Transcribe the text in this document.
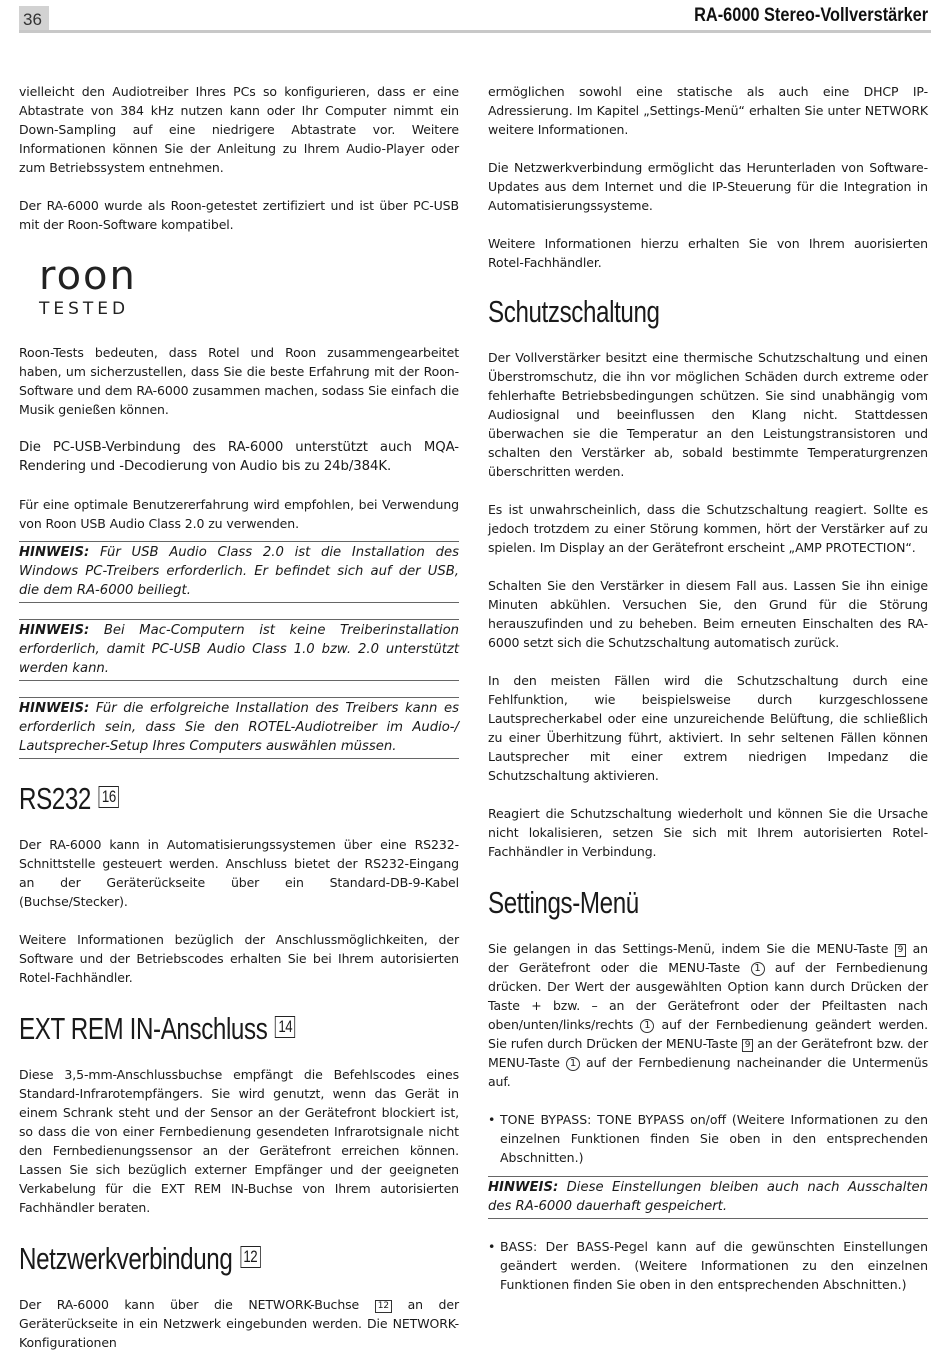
36	RA-6000 Stereo-Vollverstärker

vielleicht den Audiotreiber Ihres PCs so konfigurieren, dass er eine Abtastrate von 384 kHz nutzen kann oder Ihr Computer nimmt ein Down-Sampling auf eine niedrigere Abtastrate vor. Weitere Informationen können Sie der Anleitung zu Ihrem Audio-Player oder zum Betriebssystem entnehmen.

Der RA-6000 wurde als Roon-getestet zertifiziert und ist über PC-USB mit der Roon-Software kompatibel.

roon
TESTED

Roon-Tests bedeuten, dass Rotel und Roon zusammengearbeitet haben, um sicherzustellen, dass Sie die beste Erfahrung mit der Roon-Software und dem RA-6000 zusammen machen, sodass Sie einfach die Musik genießen können.

Die PC-USB-Verbindung des RA-6000 unterstützt auch MQA-Rendering und -Decodierung von Audio bis zu 24b/384K.

Für eine optimale Benutzererfahrung wird empfohlen, bei Verwendung von Roon USB Audio Class 2.0 zu verwenden.

HINWEIS: Für USB Audio Class 2.0 ist die Installation des Windows PC-Treibers erforderlich. Er befindet sich auf der USB, die dem RA-6000 beiliegt.
HINWEIS: Bei Mac-Computern ist keine Treiberinstallation erforderlich, damit PC-USB Audio Class 1.0 bzw. 2.0 unterstützt werden kann.
HINWEIS: Für die erfolgreiche Installation des Treibers kann es erforderlich sein, dass Sie den ROTEL-Audiotreiber im Audio-/ Lautsprecher-Setup Ihres Computers auswählen müssen.
RS232 16

Der RA-6000 kann in Automatisierungssystemen über eine RS232-Schnittstelle gesteuert werden. Anschluss bietet der RS232-Eingang an der Geräterückseite über ein Standard-DB-9-Kabel (Buchse/Stecker).

Weitere Informationen bezüglich der Anschlussmöglichkeiten, der Software und der Betriebscodes erhalten Sie bei Ihrem autorisierten Rotel-Fachhändler.

EXT REM IN-Anschluss 14

Diese 3,5-mm-Anschlussbuchse empfängt die Befehlscodes eines Standard-Infrarotempfängers. Sie wird genutzt, wenn das Gerät in einem Schrank steht und der Sensor an der Gerätefront blockiert ist, so dass die von einer Fernbedienung gesendeten Infrarotsignale nicht den Fernbedienungssensor an der Gerätefront erreichen können. Lassen Sie sich bezüglich externer Empfänger und der geeigneten Verkabelung für die EXT REM IN-Buchse von Ihrem autorisierten Fachhändler beraten.

Netzwerkverbindung 12

Der RA-6000 kann über die NETWORK-Buchse 12 an der Geräterückseite in ein Netzwerk eingebunden werden. Die NETWORK-Konfigurationen

ermöglichen sowohl eine statische als auch eine DHCP IP-Adressierung. Im Kapitel „Settings-Menü“ erhalten Sie unter NETWORK weitere Informationen.

Die Netzwerkverbindung ermöglicht das Herunterladen von Software-Updates aus dem Internet und die IP-Steuerung für die Integration in Automatisierungssysteme.

Weitere Informationen hierzu erhalten Sie von Ihrem auorisierten Rotel-Fachhändler.

Schutzschaltung

Der Vollverstärker besitzt eine thermische Schutzschaltung und einen Überstromschutz, die ihn vor möglichen Schäden durch extreme oder fehlerhafte Betriebsbedingungen schützen. Sie sind unabhängig vom Audiosignal und beeinflussen den Klang nicht. Stattdessen überwachen sie die Temperatur an den Leistungstransistoren und schalten den Verstärker ab, sobald bestimmte Temperaturgrenzen überschritten werden.

Es ist unwahrscheinlich, dass die Schutzschaltung reagiert. Sollte es jedoch trotzdem zu einer Störung kommen, hört der Verstärker auf zu spielen. Im Display an der Gerätefront erscheint „AMP PROTECTION“.

Schalten Sie den Verstärker in diesem Fall aus. Lassen Sie ihn einige Minuten abkühlen. Versuchen Sie, den Grund für die Störung herauszufinden und zu beheben. Beim erneuten Einschalten des RA-6000 setzt sich die Schutzschaltung automatisch zurück.

In den meisten Fällen wird die Schutzschaltung durch eine Fehlfunktion, wie beispielsweise durch kurzgeschlossene Lautsprecherkabel oder eine unzureichende Belüftung, die schließlich zu einer Überhitzung führt, aktiviert. In sehr seltenen Fällen können Lautsprecher mit einer extrem niedrigen Impedanz die Schutzschaltung aktivieren.

Reagiert die Schutzschaltung wiederholt und können Sie die Ursache nicht lokalisieren, setzen Sie sich mit Ihrem autorisierten Rotel-Fachhändler in Verbindung.

Settings-Menü

Sie gelangen in das Settings-Menü, indem Sie die MENU-Taste 9 an der Gerätefront oder die MENU-Taste 1 auf der Fernbedienung drücken. Der Wert der ausgewählten Option kann durch Drücken der Taste + bzw. – an der Gerätefront oder der Pfeiltasten nach oben/unten/links/rechts 1 auf der Fernbedienung geändert werden. Sie rufen durch Drücken der MENU-Taste 9 an der Gerätefront bzw. der MENU-Taste 1 auf der Fernbedienung nacheinander die Untermenüs auf.

• TONE BYPASS: TONE BYPASS on/off (Weitere Informationen zu den einzelnen Funktionen finden Sie oben in den entsprechenden Abschnitten.)
HINWEIS: Diese Einstellungen bleiben auch nach Ausschalten des RA-6000 dauerhaft gespeichert.
• BASS: Der BASS-Pegel kann auf die gewünschten Einstellungen geändert werden. (Weitere Informationen zu den einzelnen Funktionen finden Sie oben in den entsprechenden Abschnitten.)
